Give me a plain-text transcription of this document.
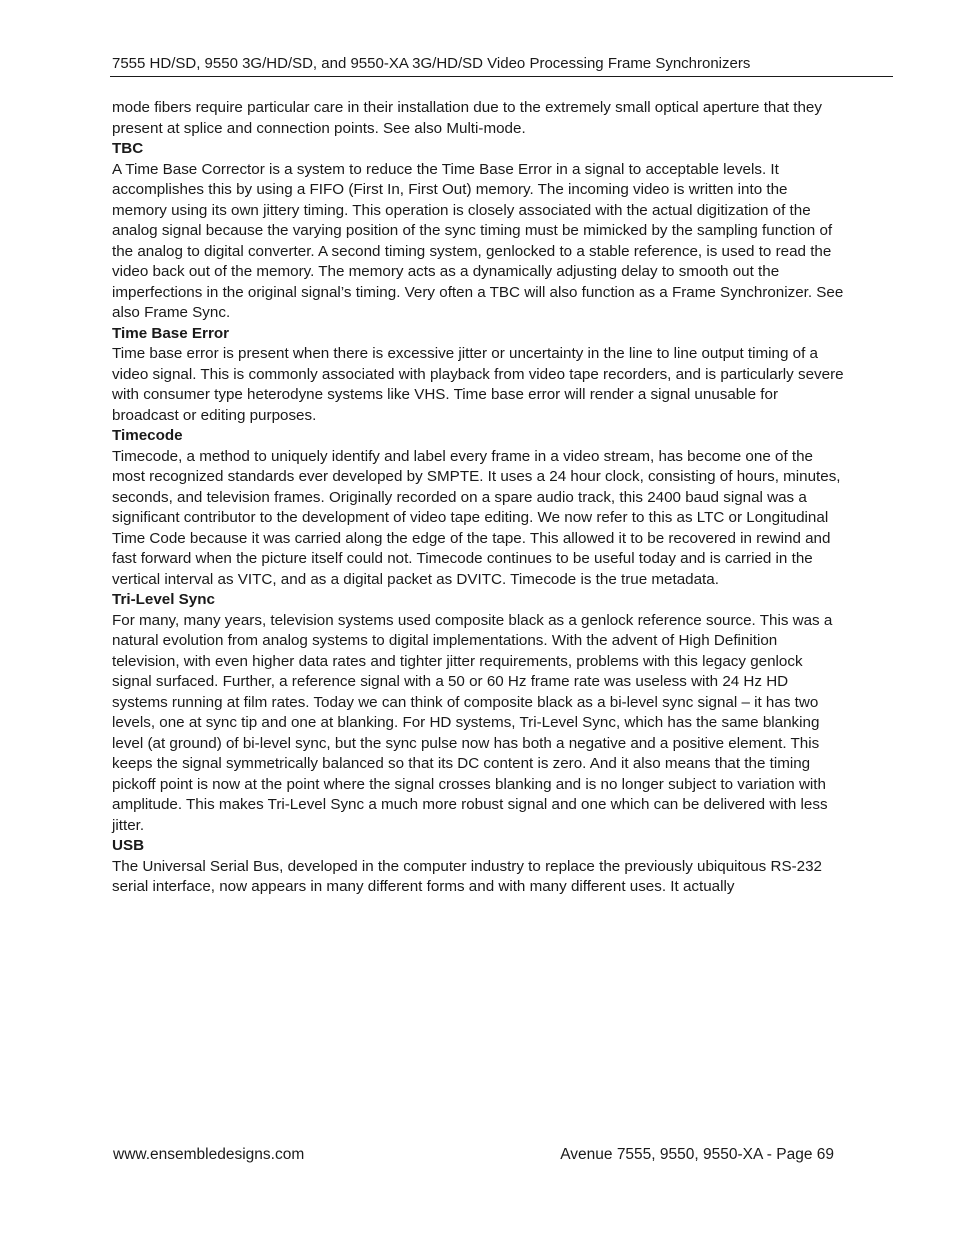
7555 HD/SD, 9550 3G/HD/SD, and 9550-XA 3G/HD/SD Video Processing Frame Synchronizers

mode fibers require particular care in their installation due to the extremely small optical aperture that they present at splice and connection points. See also Multi-mode.

TBC

A Time Base Corrector is a system to reduce the Time Base Error in a signal to acceptable levels. It accomplishes this by using a FIFO (First In, First Out) memory. The incoming video is written into the memory using its own jittery timing. This operation is closely associated with the actual digitization of the analog signal because the varying position of the sync timing must be mimicked by the sampling function of the analog to digital converter. A second timing system, genlocked to a stable reference, is used to read the video back out of the memory. The memory acts as a dynamically adjusting delay to smooth out the imperfections in the original signal’s timing. Very often a TBC will also function as a Frame Synchronizer. See also Frame Sync.

Time Base Error

Time base error is present when there is excessive jitter or uncertainty in the line to line output timing of a video signal. This is commonly associated with playback from video tape recorders, and is particularly severe with consumer type heterodyne systems like VHS. Time base error will render a signal unusable for broadcast or editing purposes.

Timecode

Timecode, a method to uniquely identify and label every frame in a video stream, has become one of the most recognized standards ever developed by SMPTE. It uses a 24 hour clock, consisting of hours, minutes, seconds, and television frames. Originally recorded on a spare audio track, this 2400 baud signal was a significant contributor to the development of video tape editing. We now refer to this as LTC or Longitudinal Time Code because it was carried along the edge of the tape. This allowed it to be recovered in rewind and fast forward when the picture itself could not. Timecode continues to be useful today and is carried in the vertical interval as VITC, and as a digital packet as DVITC. Timecode is the true metadata.

Tri-Level Sync

For many, many years, television systems used composite black as a genlock reference source. This was a natural evolution from analog systems to digital implementations. With the advent of High Definition television, with even higher data rates and tighter jitter requirements, problems with this legacy genlock signal surfaced. Further, a reference signal with a 50 or 60 Hz frame rate was useless with 24 Hz HD systems running at film rates. Today we can think of composite black as a bi-level sync signal – it has two levels, one at sync tip and one at blanking. For HD systems, Tri-Level Sync, which has the same blanking level (at ground) of bi-level sync, but the sync pulse now has both a negative and a positive element. This keeps the signal symmetrically balanced so that its DC content is zero. And it also means that the timing pickoff point is now at the point where the signal crosses blanking and is no longer subject to variation with amplitude. This makes Tri-Level Sync a much more robust signal and one which can be delivered with less jitter.

USB

The Universal Serial Bus, developed in the computer industry to replace the previously ubiquitous RS-232 serial interface, now appears in many different forms and with many different uses. It actually

www.ensembledesigns.com	Avenue 7555, 9550, 9550-XA - Page 69
